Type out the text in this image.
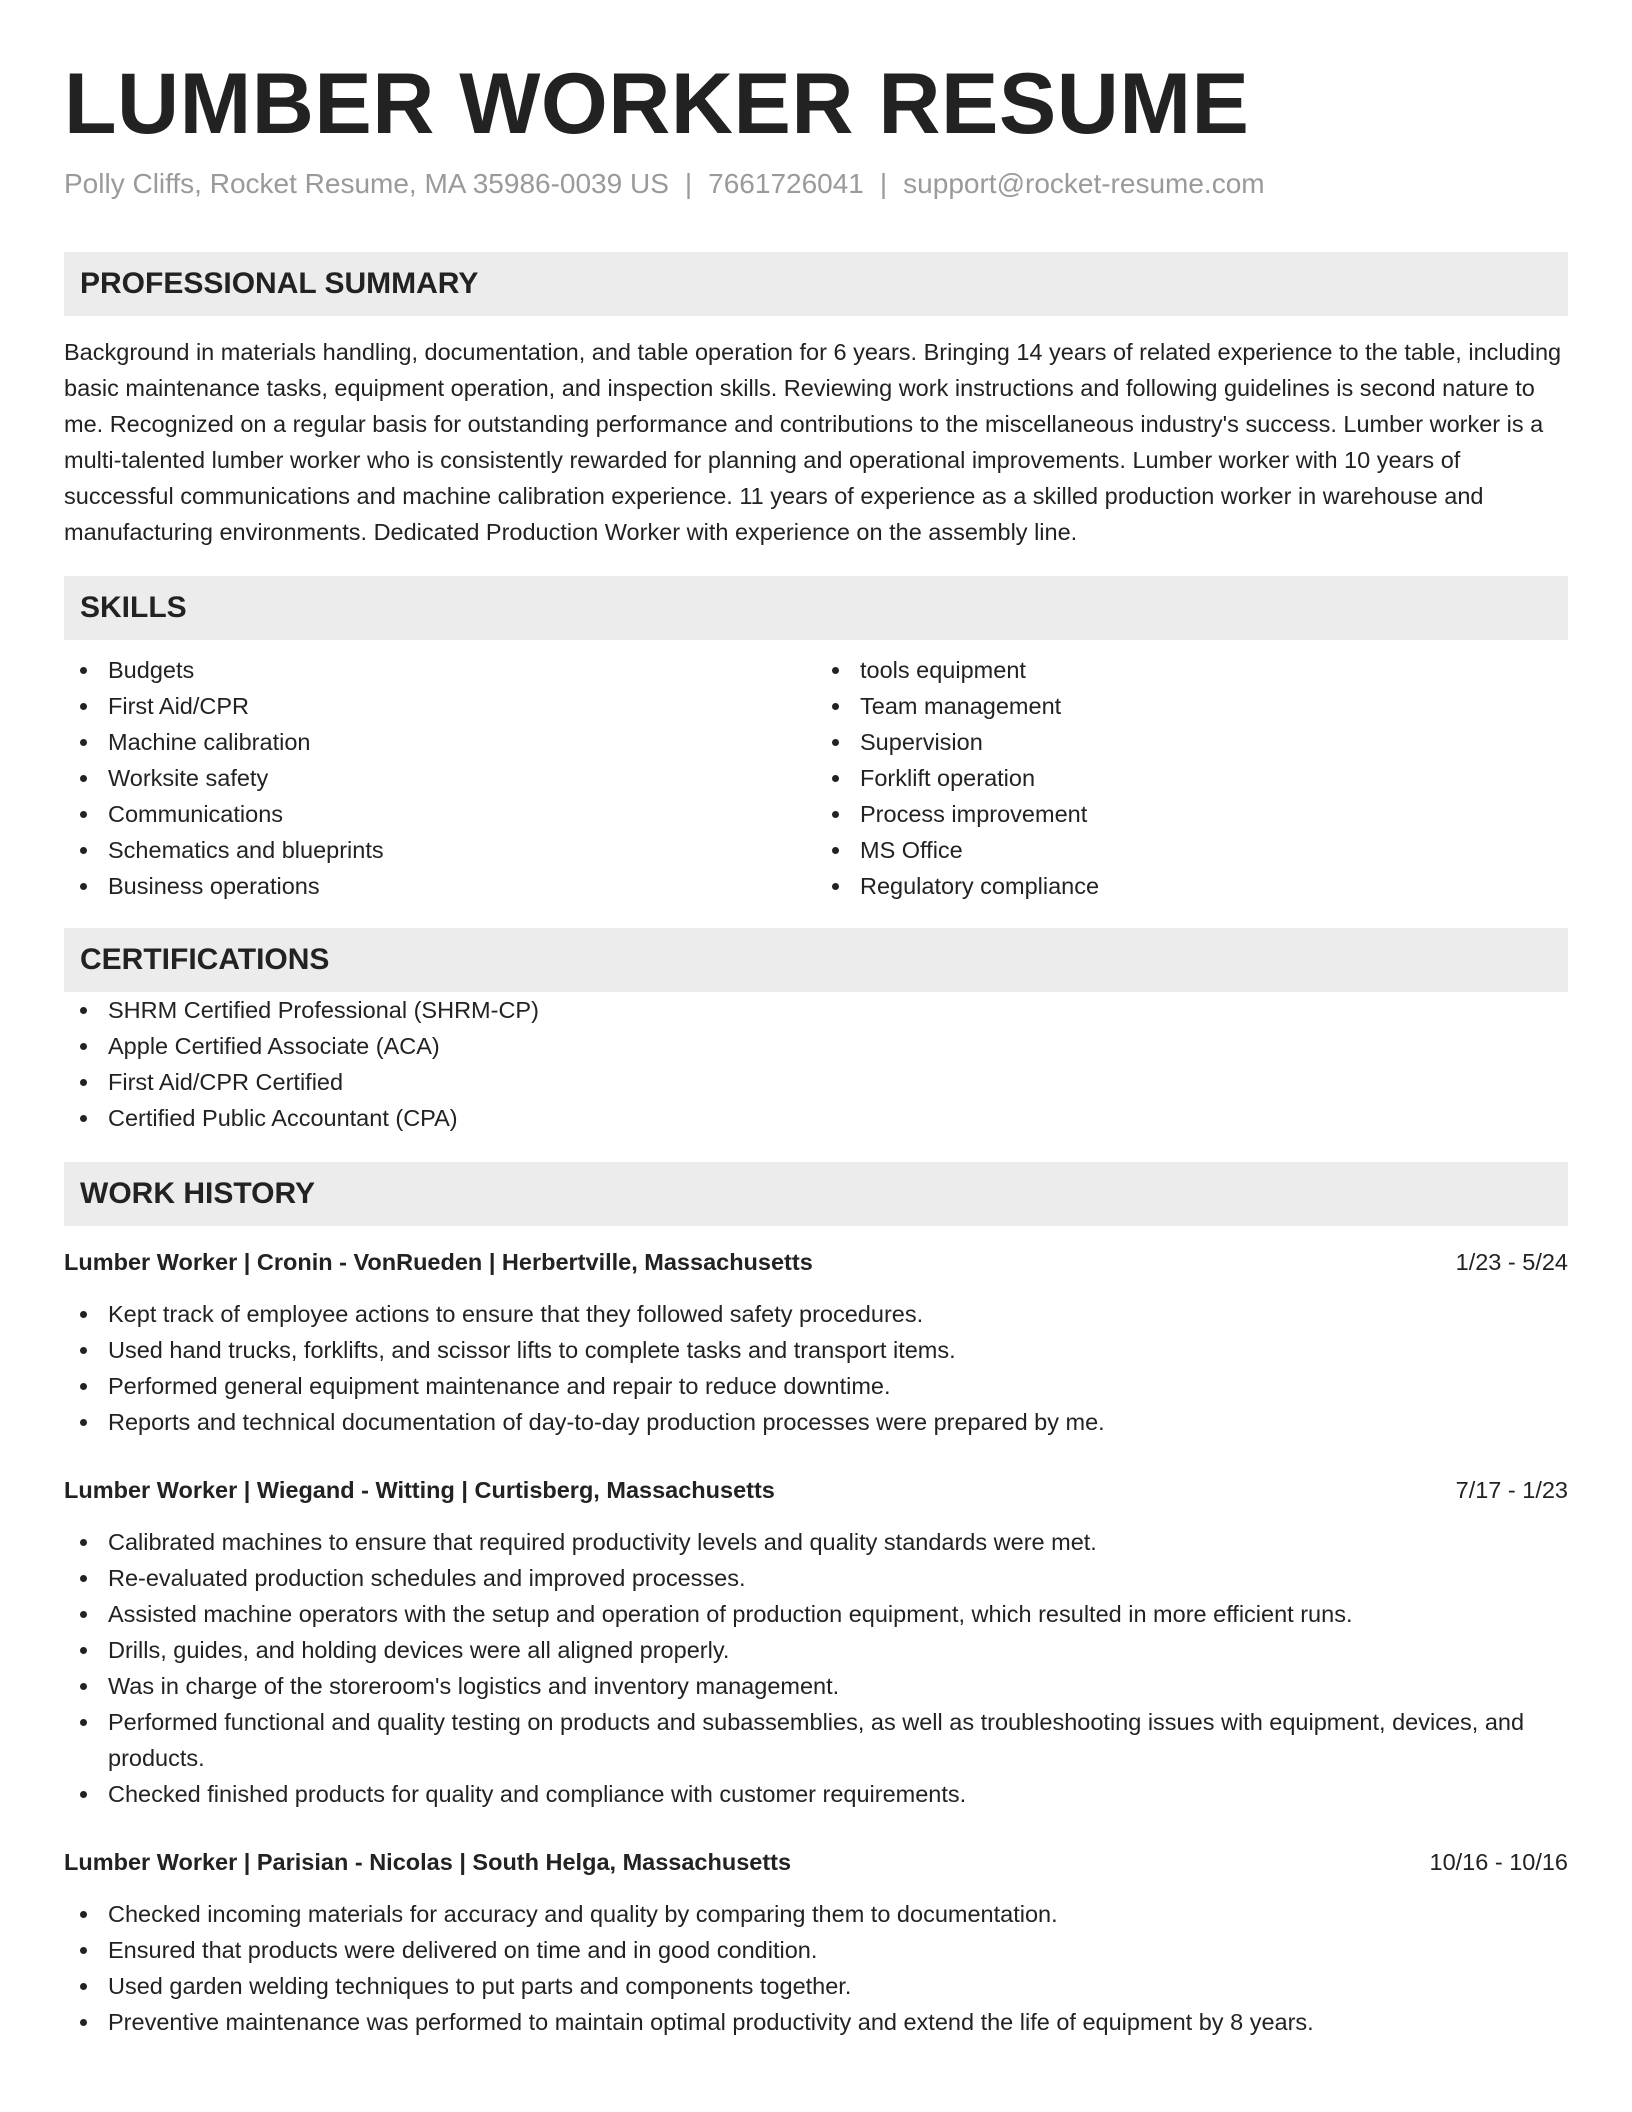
LUMBER WORKER RESUME
Polly Cliffs, Rocket Resume, MA 35986-0039 US | 7661726041 | support@rocket-resume.com
PROFESSIONAL SUMMARY
Background in materials handling, documentation, and table operation for 6 years. Bringing 14 years of related experience to the table, including basic maintenance tasks, equipment operation, and inspection skills. Reviewing work instructions and following guidelines is second nature to me. Recognized on a regular basis for outstanding performance and contributions to the miscellaneous industry's success. Lumber worker is a multi-talented lumber worker who is consistently rewarded for planning and operational improvements. Lumber worker with 10 years of successful communications and machine calibration experience. 11 years of experience as a skilled production worker in warehouse and manufacturing environments. Dedicated Production Worker with experience on the assembly line.
SKILLS
Budgets
First Aid/CPR
Machine calibration
Worksite safety
Communications
Schematics and blueprints
Business operations
tools equipment
Team management
Supervision
Forklift operation
Process improvement
MS Office
Regulatory compliance
CERTIFICATIONS
SHRM Certified Professional (SHRM-CP)
Apple Certified Associate (ACA)
First Aid/CPR Certified
Certified Public Accountant (CPA)
WORK HISTORY
Lumber Worker | Cronin - VonRueden | Herbertville, Massachusetts	1/23 - 5/24
Kept track of employee actions to ensure that they followed safety procedures.
Used hand trucks, forklifts, and scissor lifts to complete tasks and transport items.
Performed general equipment maintenance and repair to reduce downtime.
Reports and technical documentation of day-to-day production processes were prepared by me.
Lumber Worker | Wiegand - Witting | Curtisberg, Massachusetts	7/17 - 1/23
Calibrated machines to ensure that required productivity levels and quality standards were met.
Re-evaluated production schedules and improved processes.
Assisted machine operators with the setup and operation of production equipment, which resulted in more efficient runs.
Drills, guides, and holding devices were all aligned properly.
Was in charge of the storeroom's logistics and inventory management.
Performed functional and quality testing on products and subassemblies, as well as troubleshooting issues with equipment, devices, and products.
Checked finished products for quality and compliance with customer requirements.
Lumber Worker | Parisian - Nicolas | South Helga, Massachusetts	10/16 - 10/16
Checked incoming materials for accuracy and quality by comparing them to documentation.
Ensured that products were delivered on time and in good condition.
Used garden welding techniques to put parts and components together.
Preventive maintenance was performed to maintain optimal productivity and extend the life of equipment by 8 years.
